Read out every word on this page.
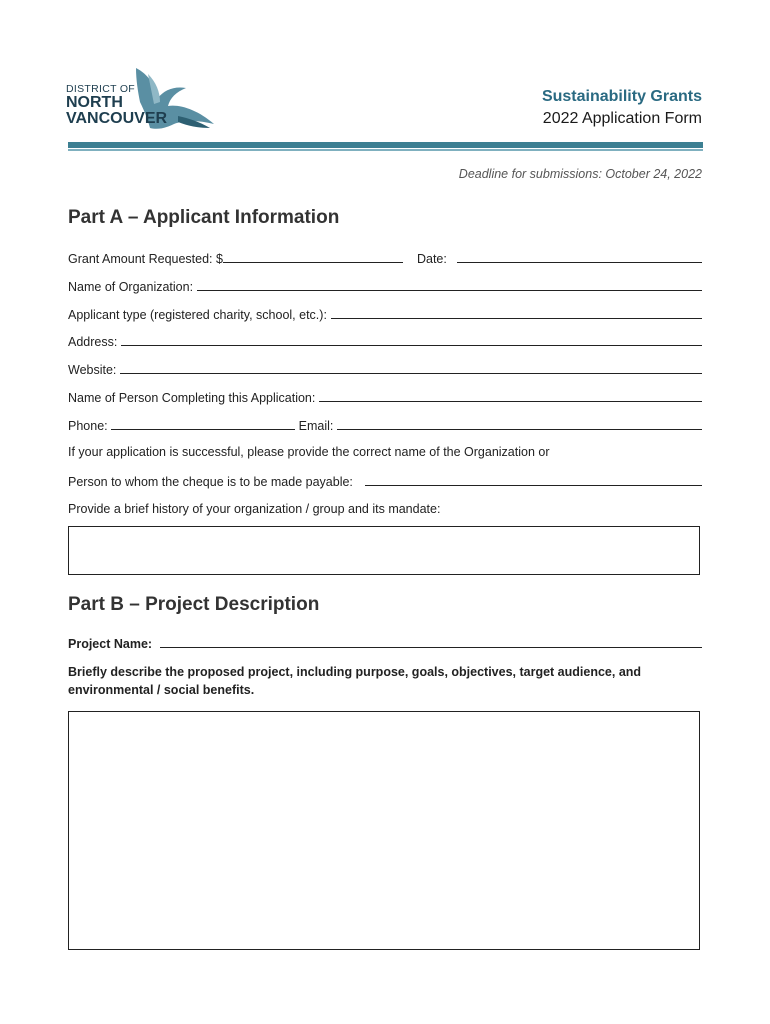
DISTRICT OF
NORTH
VANCOUVER
Sustainability Grants
2022 Application Form
Deadline for submissions: October 24, 2022
Part A – Applicant Information
Grant Amount Requested: $	Date:
Name of Organization:
Applicant type (registered charity, school, etc.):
Address:
Website:
Name of Person Completing this Application:
Phone:	Email:
If your application is successful, please provide the correct name of the Organization or
Person to whom the cheque is to be made payable:
Provide a brief history of your organization / group and its mandate:
Part B – Project Description
Project Name:
Briefly describe the proposed project, including purpose, goals, objectives, target audience, and environmental / social benefits.
